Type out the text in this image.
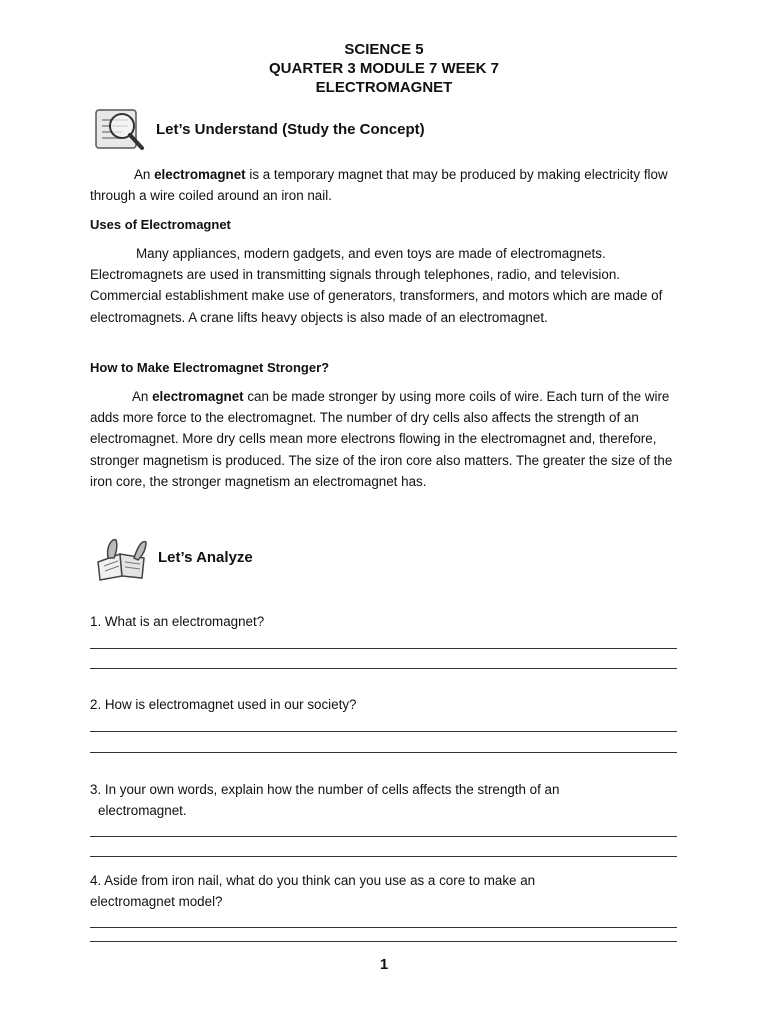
SCIENCE 5
QUARTER 3 MODULE 7 WEEK 7
ELECTROMAGNET
Let’s Understand (Study the Concept)

An electromagnet is a temporary magnet that may be produced by making electricity flow through a wire coiled around an iron nail.

Uses of Electromagnet

Many appliances, modern gadgets, and even toys are made of electromagnets. Electromagnets are used in transmitting signals through telephones, radio, and television. Commercial establishment make use of generators, transformers, and motors which are made of electromagnets. A crane lifts heavy objects is also made of an electromagnet.

How to Make Electromagnet Stronger?

An electromagnet can be made stronger by using more coils of wire. Each turn of the wire adds more force to the electromagnet. The number of dry cells also affects the strength of an electromagnet. More dry cells mean more electrons flowing in the electromagnet and, therefore, stronger magnetism is produced. The size of the iron core also matters. The greater the size of the iron core, the stronger magnetism an electromagnet has.

Let’s Analyze

1. What is an electromagnet?

2. How is electromagnet used in our society?

3. In your own words, explain how the number of cells affects the strength of an
electromagnet.

4. Aside from iron nail, what do you think can you use as a core to make an
electromagnet model?

1
